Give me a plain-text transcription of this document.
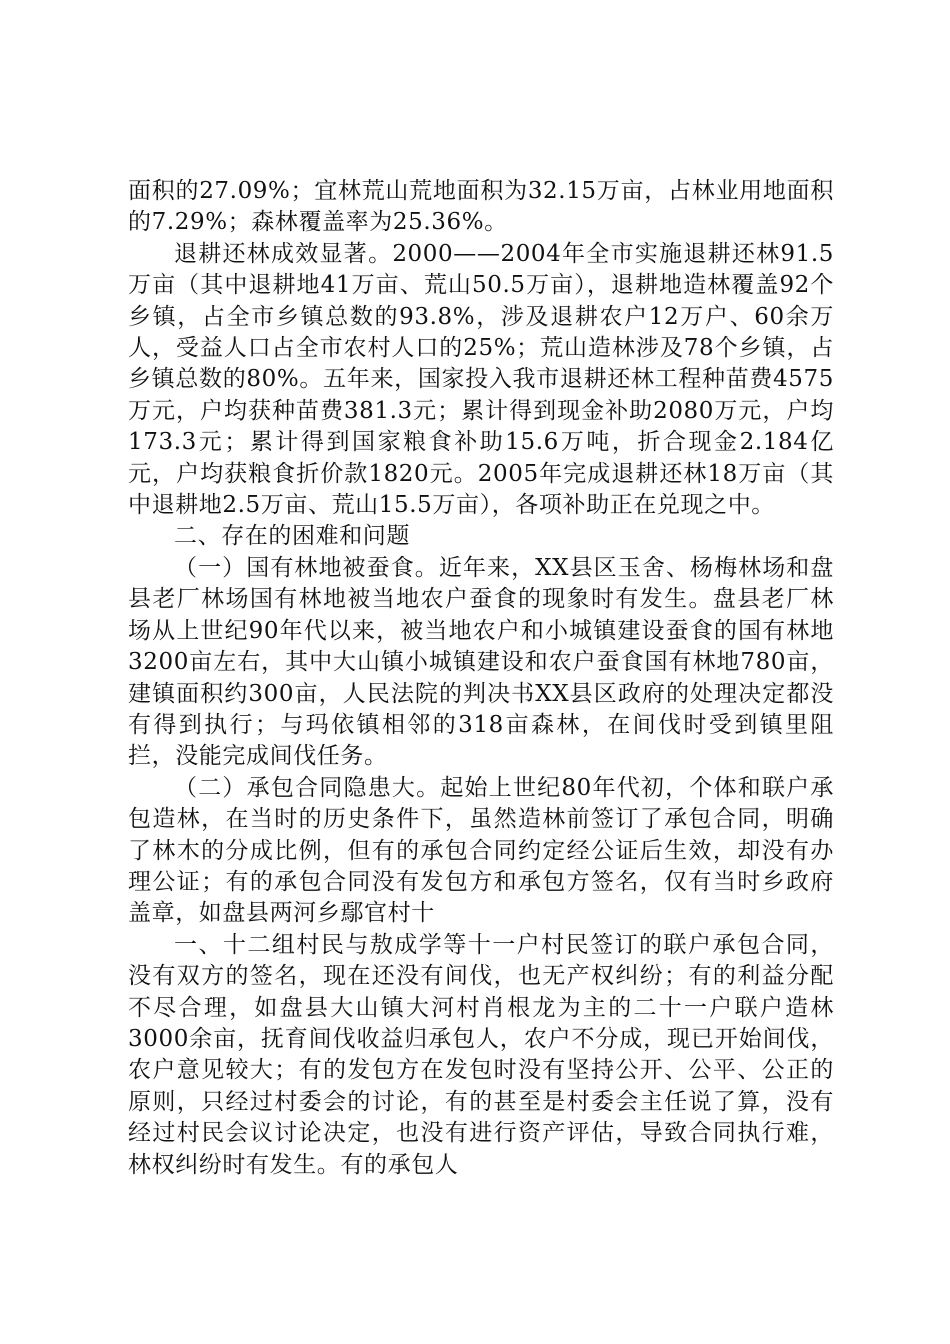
面积的27.09%；宜林荒山荒地面积为32.15万亩，占林业用地面积的7.29%；森林覆盖率为25.36%。

退耕还林成效显著。2000——2004年全市实施退耕还林91.5万亩（其中退耕地41万亩、荒山50.5万亩），退耕地造林覆盖92个乡镇，占全市乡镇总数的93.8%，涉及退耕农户12万户、60余万人，受益人口占全市农村人口的25%；荒山造林涉及78个乡镇，占乡镇总数的80%。五年来，国家投入我市退耕还林工程种苗费4575万元，户均获种苗费381.3元；累计得到现金补助2080万元，户均173.3元；累计得到国家粮食补助15.6万吨，折合现金2.184亿元，户均获粮食折价款1820元。2005年完成退耕还林18万亩（其中退耕地2.5万亩、荒山15.5万亩），各项补助正在兑现之中。

二、存在的困难和问题

（一）国有林地被蚕食。近年来，XX县区玉舍、杨梅林场和盘县老厂林场国有林地被当地农户蚕食的现象时有发生。盘县老厂林场从上世纪90年代以来，被当地农户和小城镇建设蚕食的国有林地3200亩左右，其中大山镇小城镇建设和农户蚕食国有林地780亩，建镇面积约300亩，人民法院的判决书XX县区政府的处理决定都没有得到执行；与玛依镇相邻的318亩森林，在间伐时受到镇里阻拦，没能完成间伐任务。

（二）承包合同隐患大。起始上世纪80年代初，个体和联户承包造林，在当时的历史条件下，虽然造林前签订了承包合同，明确了林木的分成比例，但有的承包合同约定经公证后生效，却没有办理公证；有的承包合同没有发包方和承包方签名，仅有当时乡政府盖章，如盘县两河乡鄢官村十

一、十二组村民与敖成学等十一户村民签订的联户承包合同，没有双方的签名，现在还没有间伐，也无产权纠纷；有的利益分配不尽合理，如盘县大山镇大河村肖根龙为主的二十一户联户造林3000余亩，抚育间伐收益归承包人，农户不分成，现已开始间伐，农户意见较大；有的发包方在发包时没有坚持公开、公平、公正的原则，只经过村委会的讨论，有的甚至是村委会主任说了算，没有经过村民会议讨论决定，也没有进行资产评估，导致合同执行难，林权纠纷时有发生。有的承包人
